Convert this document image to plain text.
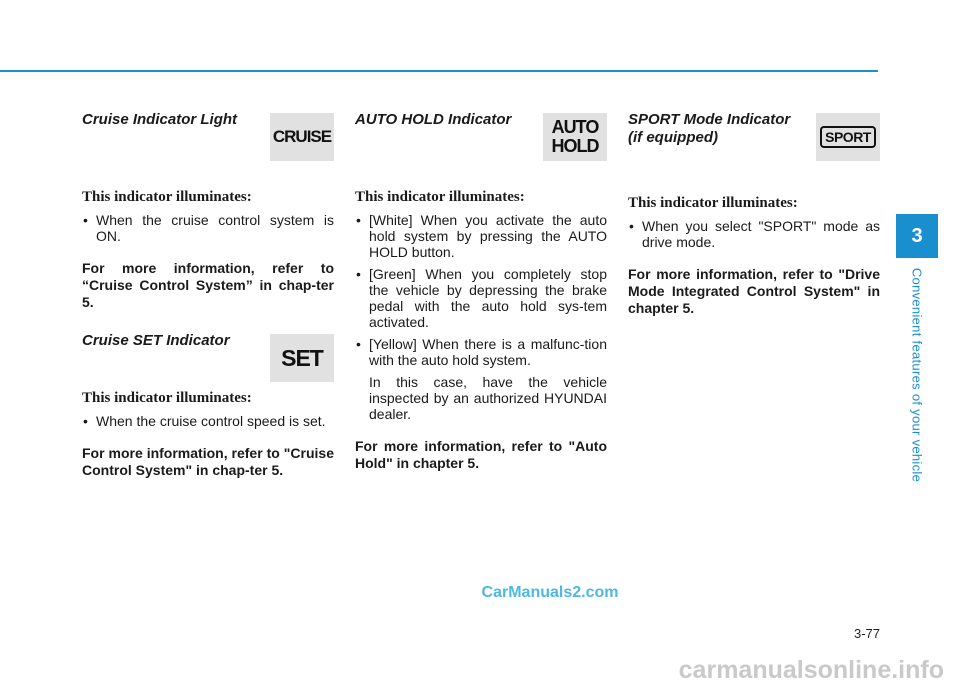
Cruise Indicator Light
CRUISE

This indicator illuminates:

• When the cruise control system is ON.

For more information, refer to “Cruise Control System” in chap-ter 5.

Cruise SET Indicator
SET

This indicator illuminates:

• When the cruise control speed is set.

For more information, refer to "Cruise Control System" in chap-ter 5.

AUTO HOLD Indicator	AUTO
HOLD

This indicator illuminates:

• [White] When you activate the auto hold system by pressing the AUTO HOLD button.
• [Green] When you completely stop the vehicle by depressing the brake pedal with the auto hold sys-tem activated.
• [Yellow] When there is a malfunc-tion with the auto hold system.

In this case, have the vehicle inspected by an authorized HYUNDAI dealer.

For more information, refer to "Auto Hold" in chapter 5.

SPORT Mode Indicator
(if equipped)	SPORT

This indicator illuminates:

• When you select "SPORT" mode as drive mode.

For more information, refer to "Drive Mode Integrated Control System" in chapter 5.

3
Convenient features of your vehicle
3-77
CarManuals2.com
carmanualsonline.info
